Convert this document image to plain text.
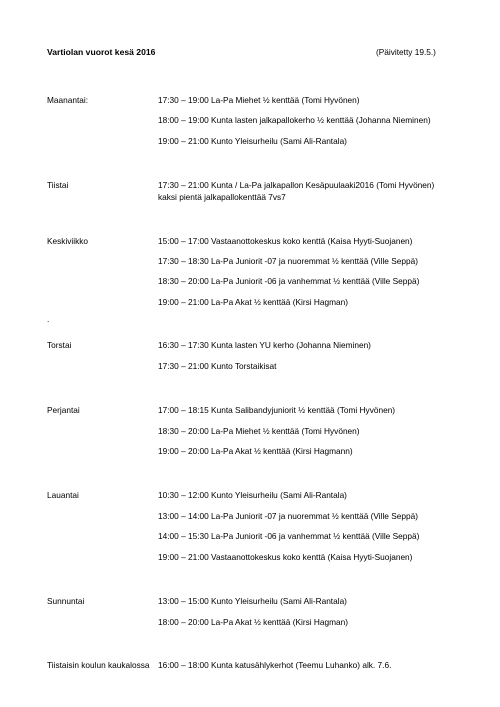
Vartiolan vuorot kesä 2016	(Päivitetty 19.5.)
Maanantai:	17:30 – 19:00 La-Pa Miehet ½ kenttää (Tomi Hyvönen)
18:00 – 19:00 Kunta lasten jalkapallokerho ½ kenttää (Johanna Nieminen)
19:00 – 21:00 Kunto Yleisurheilu (Sami Ali-Rantala)
Tiistai	17:30 – 21:00 Kunta / La-Pa jalkapallon Kesäpuulaaki2016 (Tomi Hyvönen)
kaksi pientä jalkapallokenttää 7vs7
Keskiviikko	15:00 – 17:00 Vastaanottokeskus koko kenttä (Kaisa Hyyti-Suojanen)
17:30 – 18:30 La-Pa Juniorit -07 ja nuoremmat ½ kenttää (Ville Seppä)
18:30 – 20:00 La-Pa Juniorit -06 ja vanhemmat ½ kenttää (Ville Seppä)
19:00 – 21:00 La-Pa Akat ½ kenttää (Kirsi Hagman)
.
Torstai	16:30 – 17:30 Kunta lasten YU kerho (Johanna Nieminen)
17:30 – 21:00 Kunto Torstaikisat
Perjantai	17:00 – 18:15 Kunta Salibandyjuniorit ½ kenttää (Tomi Hyvönen)
18:30 – 20:00 La-Pa Miehet ½ kenttää (Tomi Hyvönen)
19:00 – 20:00 La-Pa Akat ½ kenttää (Kirsi Hagmann)
Lauantai	10:30 – 12:00 Kunto Yleisurheilu (Sami Ali-Rantala)
13:00 – 14:00 La-Pa Juniorit -07 ja nuoremmat ½ kenttää (Ville Seppä)
14:00 – 15:30 La-Pa Juniorit -06 ja vanhemmat ½ kenttää (Ville Seppä)
19:00 – 21:00 Vastaanottokeskus koko kenttä (Kaisa Hyyti-Suojanen)
Sunnuntai	13:00 – 15:00 Kunto Yleisurheilu (Sami Ali-Rantala)
18:00 – 20:00 La-Pa Akat ½ kenttää (Kirsi Hagman)
Tiistaisin koulun kaukalossa 16:00 – 18:00 Kunta katusählykerhot (Teemu Luhanko) alk. 7.6.
